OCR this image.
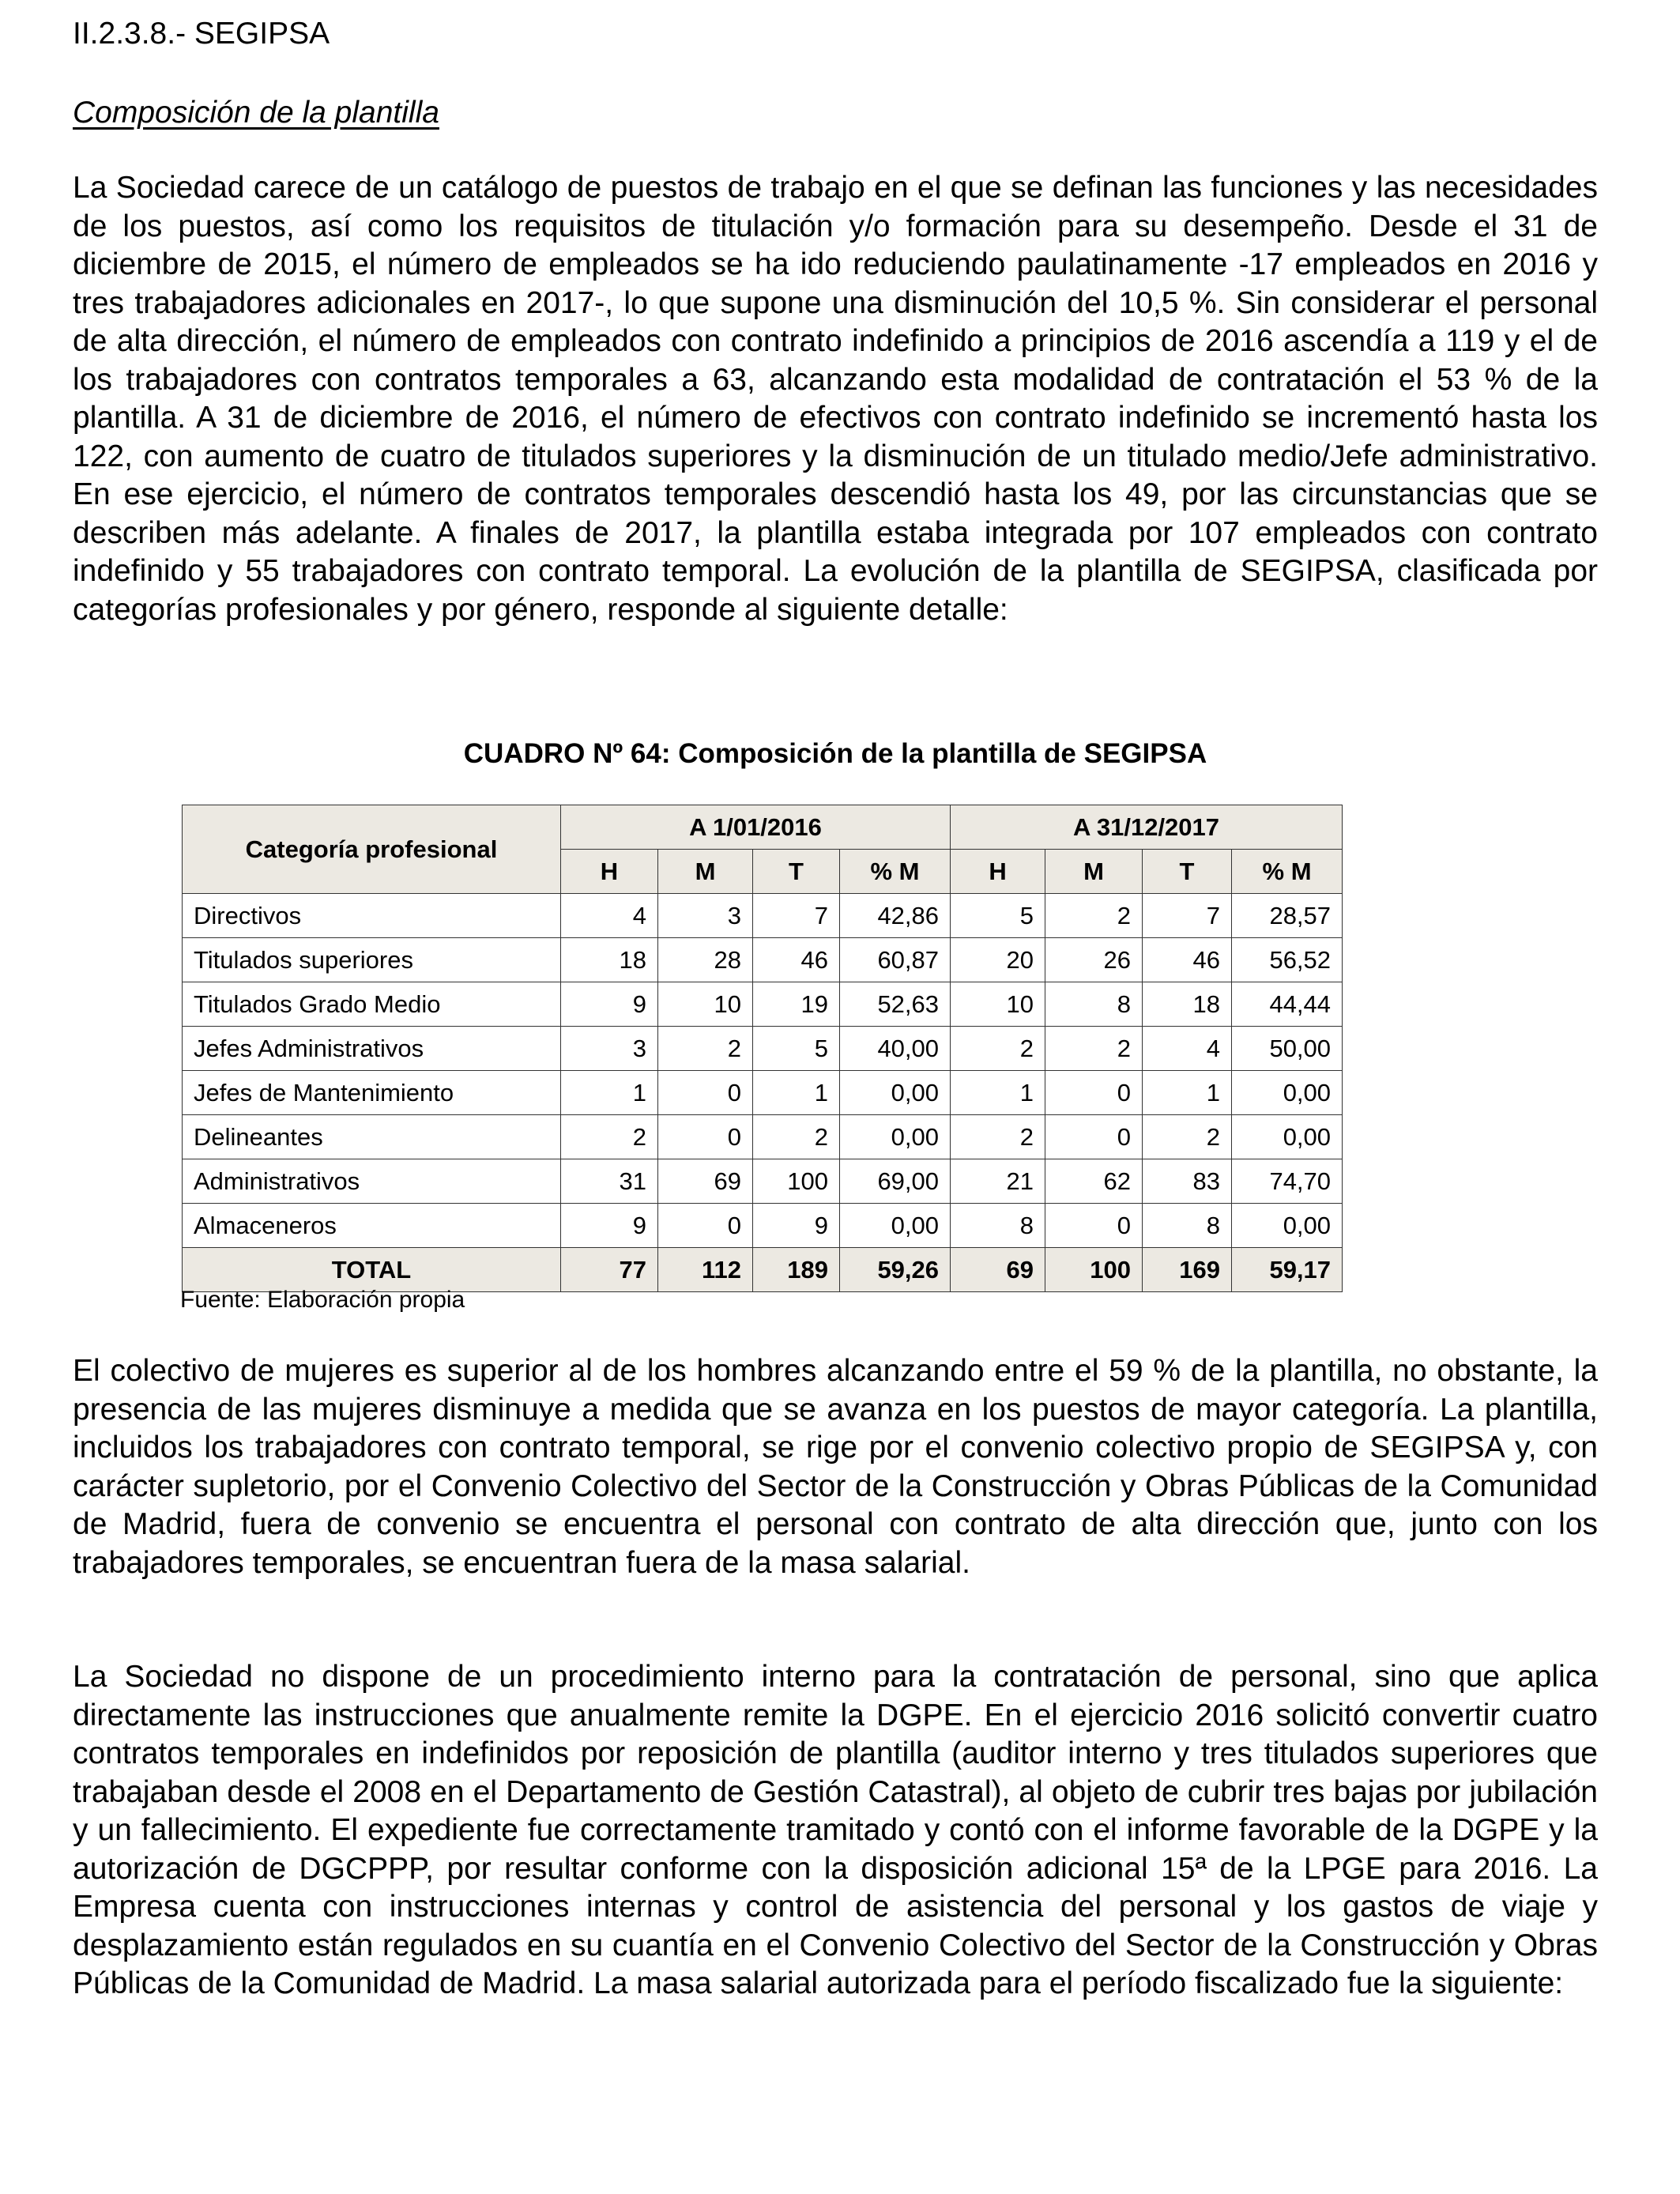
II.2.3.8.- SEGIPSA
Composición de la plantilla

La Sociedad carece de un catálogo de puestos de trabajo en el que se definan las funciones y las necesidades de los puestos, así como los requisitos de titulación y/o formación para su desempeño. Desde el 31 de diciembre de 2015, el número de empleados se ha ido reduciendo paulatinamente -17 empleados en 2016 y tres trabajadores adicionales en 2017-, lo que supone una disminución del 10,5 %. Sin considerar el personal de alta dirección, el número de empleados con contrato indefinido a principios de 2016 ascendía a 119 y el de los trabajadores con contratos temporales a 63, alcanzando esta modalidad de contratación el 53 % de la plantilla. A 31 de diciembre de 2016, el número de efectivos con contrato indefinido se incrementó hasta los 122, con aumento de cuatro de titulados superiores y la disminución de un titulado medio/Jefe administrativo. En ese ejercicio, el número de contratos temporales descendió hasta los 49, por las circunstancias que se describen más adelante. A finales de 2017, la plantilla estaba integrada por 107 empleados con contrato indefinido y 55 trabajadores con contrato temporal. La evolución de la plantilla de SEGIPSA, clasificada por categorías profesionales y por género, responde al siguiente detalle:

CUADRO Nº 64: Composición de la plantilla de SEGIPSA
Categoría profesional	A 1/01/2016				A 31/12/2017			
	H	M	T	% M	H	M	T	% M
Directivos	4	3	7	42,86	5	2	7	28,57
Titulados superiores	18	28	46	60,87	20	26	46	56,52
Titulados Grado Medio	9	10	19	52,63	10	8	18	44,44
Jefes Administrativos	3	2	5	40,00	2	2	4	50,00
Jefes de Mantenimiento	1	0	1	0,00	1	0	1	0,00
Delineantes	2	0	2	0,00	2	0	2	0,00
Administrativos	31	69	100	69,00	21	62	83	74,70
Almaceneros	9	0	9	0,00	8	0	8	0,00
TOTAL	77	112	189	59,26	69	100	169	59,17
Fuente: Elaboración propia

El colectivo de mujeres es superior al de los hombres alcanzando entre el 59 % de la plantilla, no obstante, la presencia de las mujeres disminuye a medida que se avanza en los puestos de mayor categoría. La plantilla, incluidos los trabajadores con contrato temporal, se rige por el convenio colectivo propio de SEGIPSA y, con carácter supletorio, por el Convenio Colectivo del Sector de la Construcción y Obras Públicas de la Comunidad de Madrid, fuera de convenio se encuentra el personal con contrato de alta dirección que, junto con los trabajadores temporales, se encuentran fuera de la masa salarial.

La Sociedad no dispone de un procedimiento interno para la contratación de personal, sino que aplica directamente las instrucciones que anualmente remite la DGPE. En el ejercicio 2016 solicitó convertir cuatro contratos temporales en indefinidos por reposición de plantilla (auditor interno y tres titulados superiores que trabajaban desde el 2008 en el Departamento de Gestión Catastral), al objeto de cubrir tres bajas por jubilación y un fallecimiento. El expediente fue correctamente tramitado y contó con el informe favorable de la DGPE y la autorización de DGCPPP, por resultar conforme con la disposición adicional 15ª de la LPGE para 2016. La Empresa cuenta con instrucciones internas y control de asistencia del personal y los gastos de viaje y desplazamiento están regulados en su cuantía en el Convenio Colectivo del Sector de la Construcción y Obras Públicas de la Comunidad de Madrid. La masa salarial autorizada para el período fiscalizado fue la siguiente:
